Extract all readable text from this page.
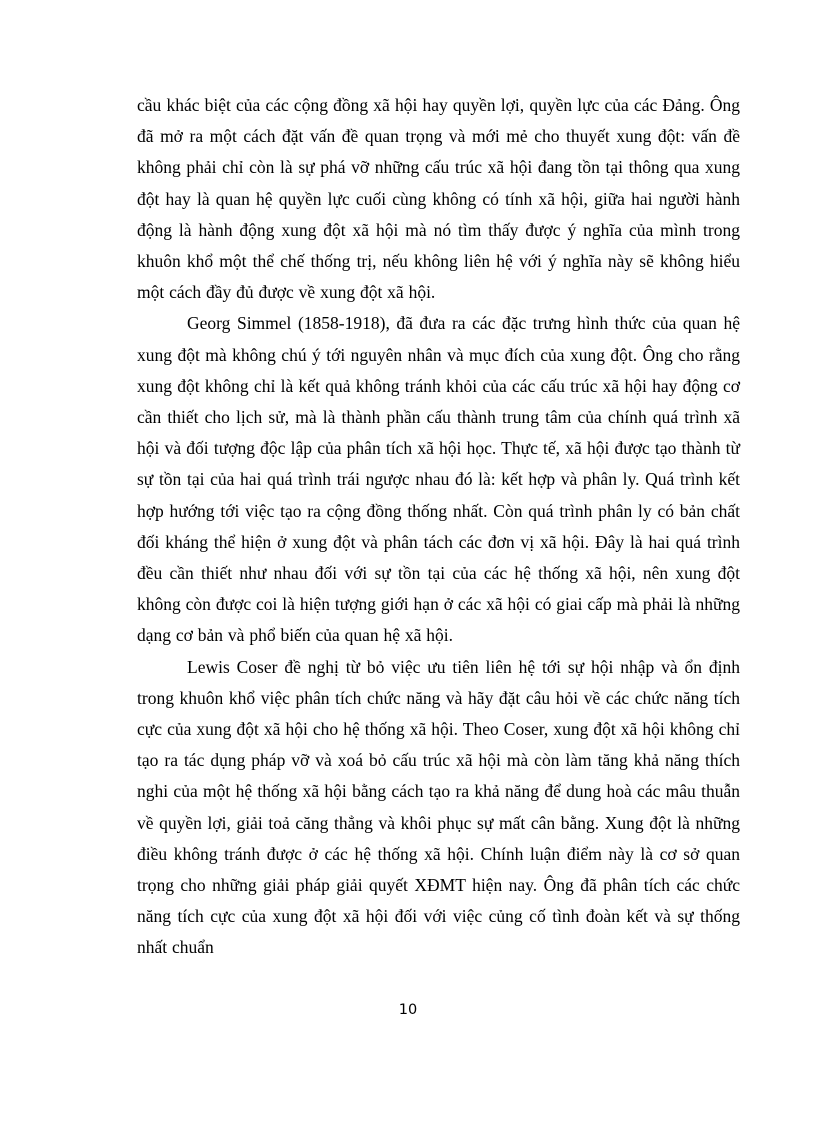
cầu khác biệt của các cộng đồng xã hội hay quyền lợi, quyền lực của các Đảng. Ông đã mở ra một cách đặt vấn đề quan trọng và mới mẻ cho thuyết xung đột: vấn đề không phải chỉ còn là sự phá vỡ những cấu trúc xã hội đang tồn tại thông qua xung đột hay là quan hệ quyền lực cuối cùng không có tính xã hội, giữa hai người hành động là hành động xung đột xã hội mà nó tìm thấy được ý nghĩa của mình trong khuôn khổ một thể chế thống trị, nếu không liên hệ với ý nghĩa này sẽ không hiểu một cách đầy đủ được về xung đột xã hội.

Georg Simmel (1858-1918), đã đưa ra các đặc trưng hình thức của quan hệ xung đột mà không chú ý tới nguyên nhân và mục đích của xung đột. Ông cho rằng xung đột không chỉ là kết quả không tránh khỏi của các cấu trúc xã hội hay động cơ cần thiết cho lịch sử, mà là thành phần cấu thành trung tâm của chính quá trình xã hội và đối tượng độc lập của phân tích xã hội học. Thực tế, xã hội được tạo thành từ sự tồn tại của hai quá trình trái ngược nhau đó là: kết hợp và phân ly. Quá trình kết hợp hướng tới việc tạo ra cộng đồng thống nhất. Còn quá trình phân ly có bản chất đối kháng thể hiện ở xung đột và phân tách các đơn vị xã hội. Đây là hai quá trình đều cần thiết như nhau đối với sự tồn tại của các hệ thống xã hội, nên xung đột không còn được coi là hiện tượng giới hạn ở các xã hội có giai cấp mà phải là những dạng cơ bản và phổ biến của quan hệ xã hội.

Lewis Coser đề nghị từ bỏ việc ưu tiên liên hệ tới sự hội nhập và ổn định trong khuôn khổ việc phân tích chức năng và hãy đặt câu hỏi về các chức năng tích cực của xung đột xã hội cho hệ thống xã hội. Theo Coser, xung đột xã hội không chỉ tạo ra tác dụng pháp vỡ và xoá bỏ cấu trúc xã hội mà còn làm tăng khả năng thích nghi của một hệ thống xã hội bằng cách tạo ra khả năng để dung hoà các mâu thuẫn về quyền lợi, giải toả căng thẳng và khôi phục sự mất cân bằng. Xung đột là những điều không tránh được ở các hệ thống xã hội. Chính luận điểm này là cơ sở quan trọng cho những giải pháp giải quyết XĐMT hiện nay. Ông đã phân tích các chức năng tích cực của xung đột xã hội đối với việc củng cố tình đoàn kết và sự thống nhất chuẩn

10
